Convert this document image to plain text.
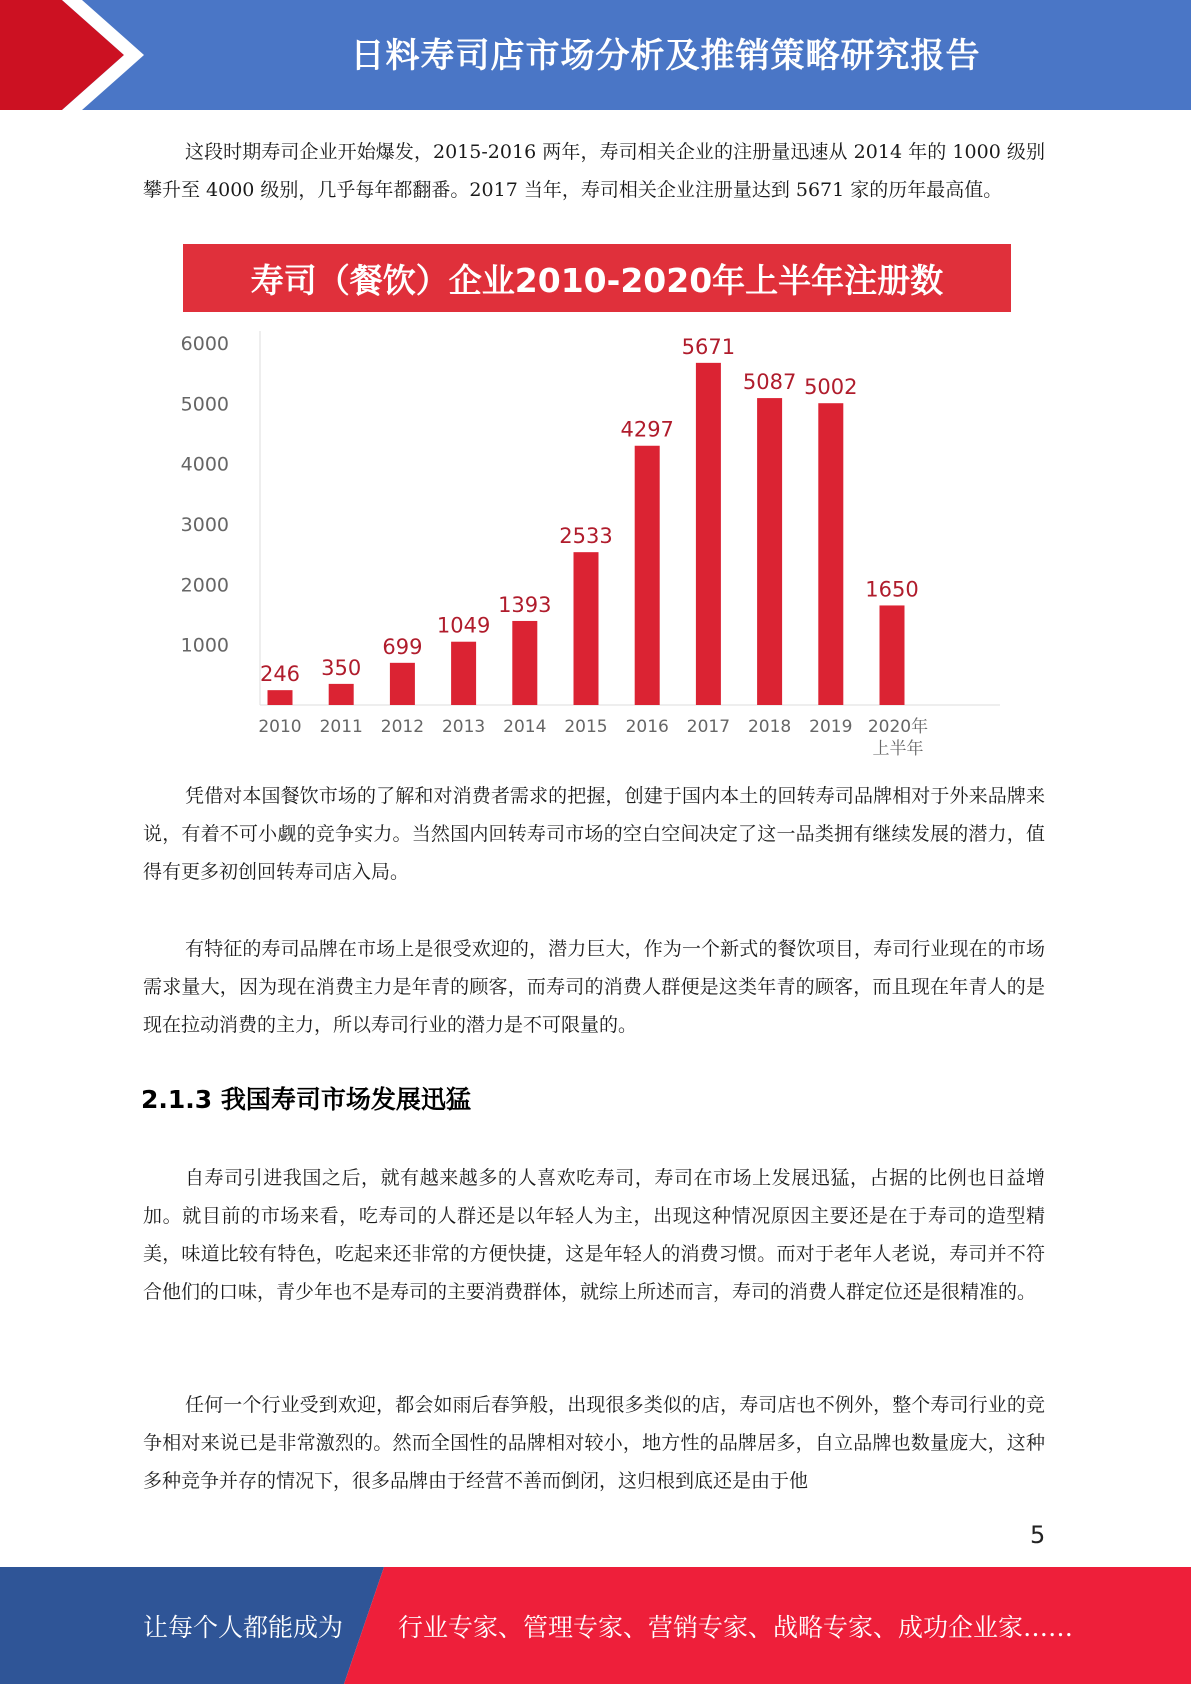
日料寿司店市场分析及推销策略研究报告

这段时期寿司企业开始爆发，2015-2016 两年，寿司相关企业的注册量迅速从 2014 年的 1000 级别攀升至 4000 级别，几乎每年都翻番。2017 当年，寿司相关企业注册量达到 5671 家的历年最高值。

1000
2000
3000
4000
5000
6000
246
2010
350
2011
699
2012
1049
2013
1393
2014
2533
2015
4297
2016
5671
2017
5087
2018
5002
2019
1650
2020年
上半年
寿司（餐饮）企业2010-2020年上半年注册数

凭借对本国餐饮市场的了解和对消费者需求的把握，创建于国内本土的回转寿司品牌相对于外来品牌来说，有着不可小觑的竞争实力。当然国内回转寿司市场的空白空间决定了这一品类拥有继续发展的潜力，值得有更多初创回转寿司店入局。

有特征的寿司品牌在市场上是很受欢迎的，潜力巨大，作为一个新式的餐饮项目，寿司行业现在的市场需求量大，因为现在消费主力是年青的顾客，而寿司的消费人群便是这类年青的顾客，而且现在年青人的是现在拉动消费的主力，所以寿司行业的潜力是不可限量的。

2.1.3 我国寿司市场发展迅猛

自寿司引进我国之后，就有越来越多的人喜欢吃寿司，寿司在市场上发展迅猛，占据的比例也日益增加。就目前的市场来看，吃寿司的人群还是以年轻人为主，出现这种情况原因主要还是在于寿司的造型精美，味道比较有特色，吃起来还非常的方便快捷，这是年轻人的消费习惯。而对于老年人老说，寿司并不符合他们的口味，青少年也不是寿司的主要消费群体，就综上所述而言，寿司的消费人群定位还是很精准的。

任何一个行业受到欢迎，都会如雨后春笋般，出现很多类似的店，寿司店也不例外，整个寿司行业的竞争相对来说已是非常激烈的。然而全国性的品牌相对较小，地方性的品牌居多，自立品牌也数量庞大，这种多种竞争并存的情况下，很多品牌由于经营不善而倒闭，这归根到底还是由于他

5
让每个人都能成为 行业专家、管理专家、营销专家、战略专家、成功企业家……
